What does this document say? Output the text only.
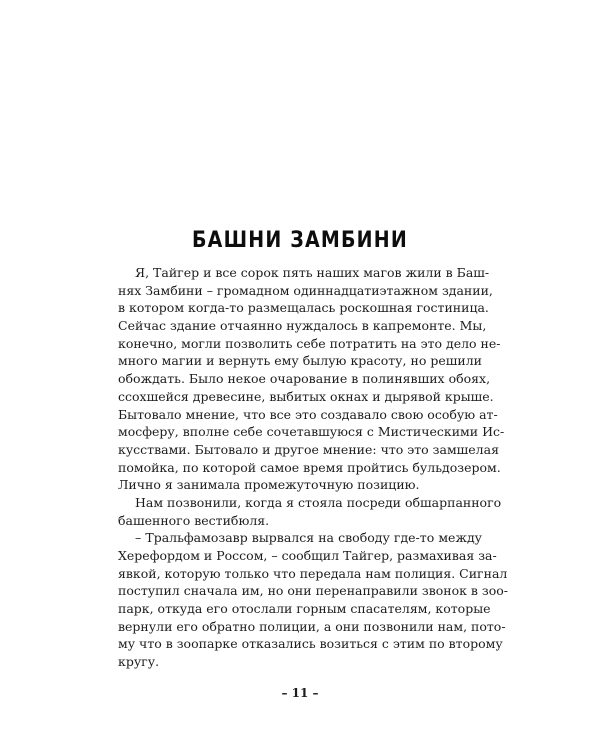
БАШНИ ЗАМБИНИ
Я, Тайгер и все сорок пять наших магов жили в Баш-
нях Замбини – громадном одиннадцатиэтажном здании,
в котором когда-то размещалась роскошная гостиница.
Сейчас здание отчаянно нуждалось в капремонте. Мы,
конечно, могли позволить себе потратить на это дело не-
много магии и вернуть ему былую красоту, но решили
обождать. Было некое очарование в полинявших обоях,
ссохшейся древесине, выбитых окнах и дырявой крыше.
Бытовало мнение, что все это создавало свою особую ат-
мосферу, вполне себе сочетавшуюся с Мистическими Ис-
кусствами. Бытовало и другое мнение: что это замшелая
помойка, по которой самое время пройтись бульдозером.
Лично я занимала промежуточную позицию.
Нам позвонили, когда я стояла посреди обшарпанного
башенного вестибюля.
– Тральфамозавр вырвался на свободу где-то между
Херефордом и Россом, – сообщил Тайгер, размахивая за-
явкой, которую только что передала нам полиция. Сигнал
поступил сначала им, но они перенаправили звонок в зоо-
парк, откуда его отослали горным спасателям, которые
вернули его обратно полиции, а они позвонили нам, пото-
му что в зоопарке отказались возиться с этим по второму
кругу.
– 11 –
